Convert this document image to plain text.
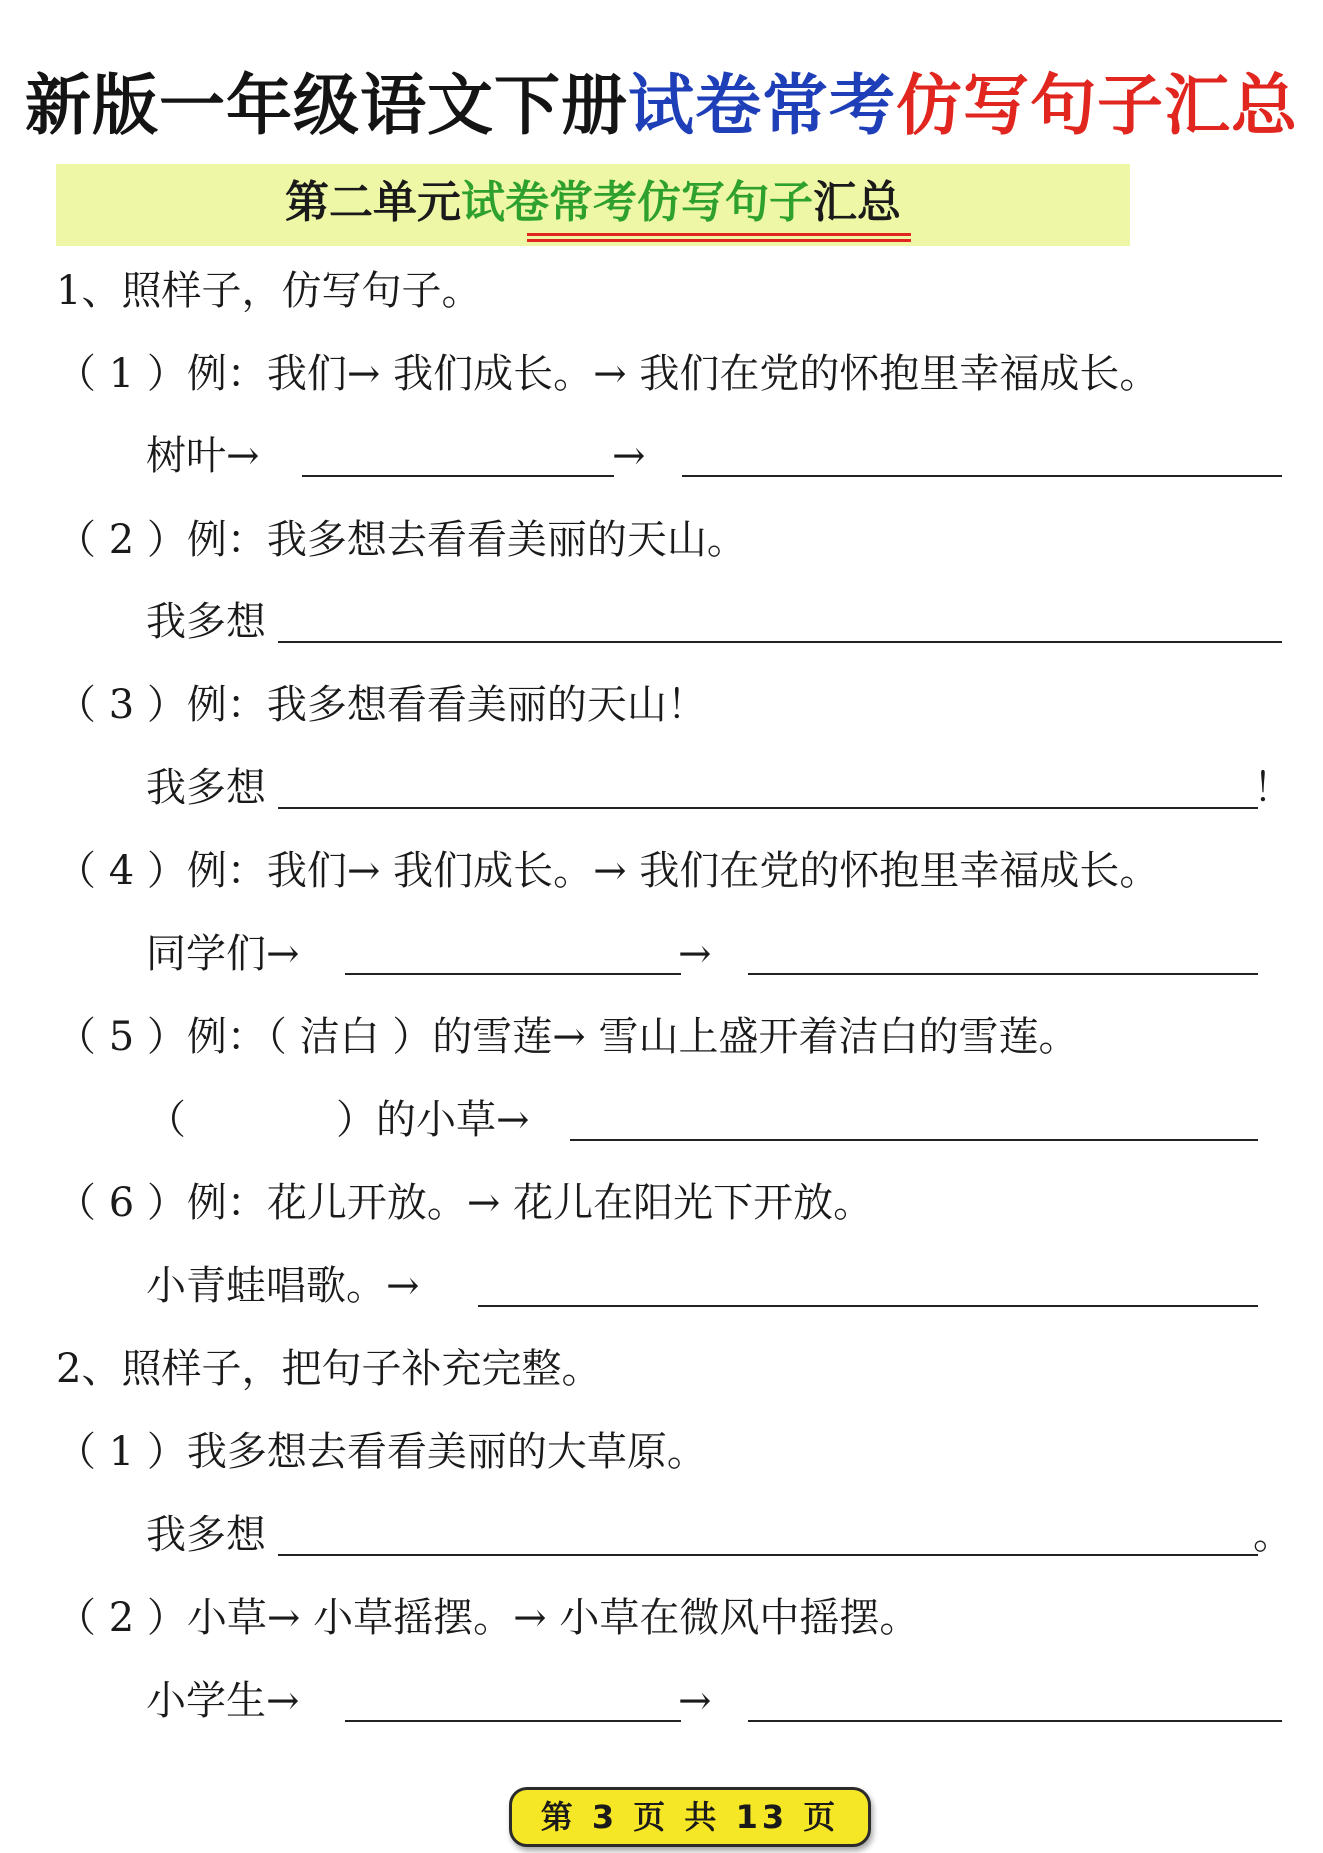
新版一年级语文下册试卷常考仿写句子汇总
第二单元试卷常考仿写句子汇总
1、照样子，仿写句子。
（ 1 ）例：我们→ 我们成长。→ 我们在党的怀抱里幸福成长。
树叶→	→
（ 2 ）例：我多想去看看美丽的天山。
我多想
（ 3 ）例：我多想看看美丽的天山！
我多想	！
（ 4 ）例：我们→ 我们成长。→ 我们在党的怀抱里幸福成长。
同学们→	→
（ 5 ）例：（ 洁白 ）的雪莲→ 雪山上盛开着洁白的雪莲。
（	）的小草→
（ 6 ）例：花儿开放。→ 花儿在阳光下开放。
小青蛙唱歌。→
2、照样子，把句子补充完整。
（ 1 ）我多想去看看美丽的大草原。
我多想	。
（ 2 ）小草→ 小草摇摆。→ 小草在微风中摇摆。
小学生→	→
第 3 页 共 13 页
